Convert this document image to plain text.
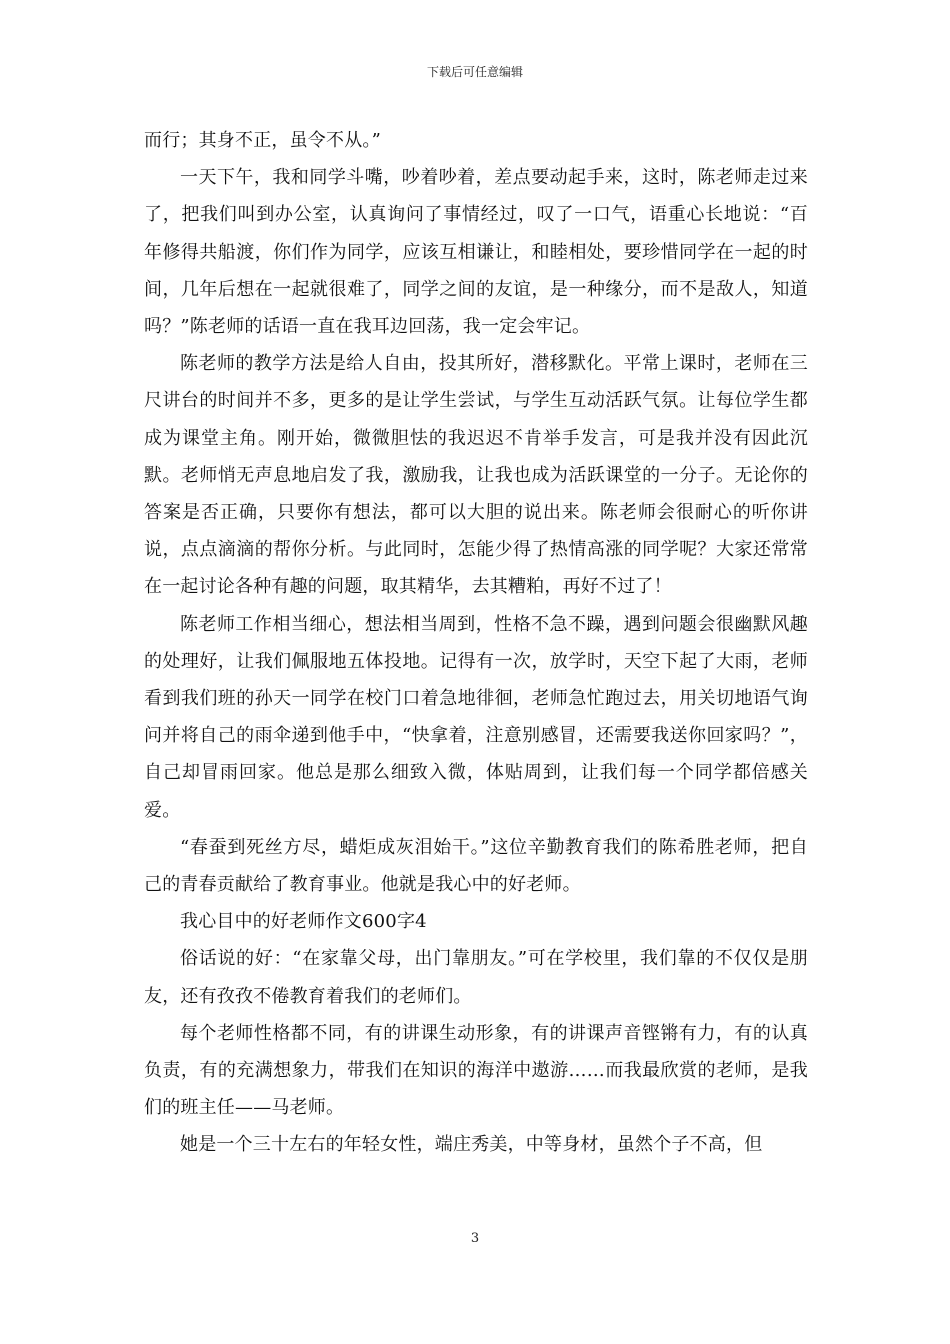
下载后可任意编辑

而行；其身不正，虽令不从。”

一天下午，我和同学斗嘴，吵着吵着，差点要动起手来，这时，陈老师走过来了，把我们叫到办公室，认真询问了事情经过，叹了一口气，语重心长地说：“百年修得共船渡，你们作为同学，应该互相谦让，和睦相处，要珍惜同学在一起的时间，几年后想在一起就很难了，同学之间的友谊，是一种缘分，而不是敌人，知道吗？”陈老师的话语一直在我耳边回荡，我一定会牢记。

陈老师的教学方法是给人自由，投其所好，潜移默化。平常上课时，老师在三尺讲台的时间并不多，更多的是让学生尝试，与学生互动活跃气氛。让每位学生都成为课堂主角。刚开始，微微胆怯的我迟迟不肯举手发言，可是我并没有因此沉默。老师悄无声息地启发了我，激励我，让我也成为活跃课堂的一分子。无论你的答案是否正确，只要你有想法，都可以大胆的说出来。陈老师会很耐心的听你讲说，点点滴滴的帮你分析。与此同时，怎能少得了热情高涨的同学呢？大家还常常在一起讨论各种有趣的问题，取其精华，去其糟粕，再好不过了！

陈老师工作相当细心，想法相当周到，性格不急不躁，遇到问题会很幽默风趣的处理好，让我们佩服地五体投地。记得有一次，放学时，天空下起了大雨，老师看到我们班的孙天一同学在校门口着急地徘徊，老师急忙跑过去，用关切地语气询问并将自己的雨伞递到他手中，“快拿着，注意别感冒，还需要我送你回家吗？”，自己却冒雨回家。他总是那么细致入微，体贴周到，让我们每一个同学都倍感关爱。

“春蚕到死丝方尽，蜡炬成灰泪始干。”这位辛勤教育我们的陈希胜老师，把自己的青春贡献给了教育事业。他就是我心中的好老师。

我心目中的好老师作文600字4

俗话说的好：“在家靠父母，出门靠朋友。”可在学校里，我们靠的不仅仅是朋友，还有孜孜不倦教育着我们的老师们。

每个老师性格都不同，有的讲课生动形象，有的讲课声音铿锵有力，有的认真负责，有的充满想象力，带我们在知识的海洋中遨游……而我最欣赏的老师，是我们的班主任——马老师。

她是一个三十左右的年轻女性，端庄秀美，中等身材，虽然个子不高，但

3
